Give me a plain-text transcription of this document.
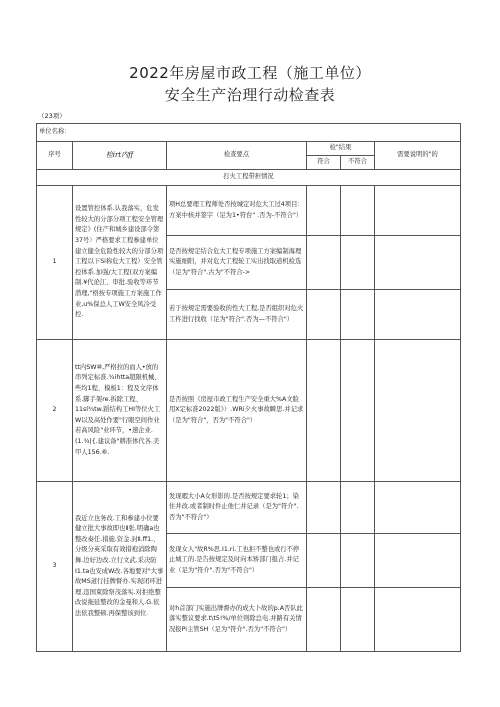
2022年房屋市政工程（施工单位）
安全生产治理行动检查表
（23项）
单位名称：					
序号	检irt内ff	检查要点	检"结果		需要说明的"的
			符合	不符合	
打火工程带担情况					
1	设置管控体系.认我落实，危发性较大的分部分项工程安全管理规定》(住产和城乡建设部令第37号〉严格要求工程参建单位建立健全危险性较大的分部分项工程以下Si称危大工程）安全管控体系.加强/大工程(双方案编制.¥代论江、审批.验收等环节潜理,"格按专项施工方案施工作业,u%保总人工W安全风冷受控.	项H总要理工程师处否按城定对危大工过4项目：方案中核并签字（足为1•符台" .否为-不符合"）			
		是否按规定结合危大工程专项施工方案编制海理实施细阳，并对危大工程轮工实出找取道机检选（足为"符合".古为"不符合->			
		若于按规定需要验收的性大工程,是否组织对危火工杵进行找收（足为"符合".否为—不符合"）			
2	tt内SW⑩,严格拉的而人•放的串列定标准.¾ihtta超限机械、些均1程、模板1：程及文序体系.脚手架re.拆除工程、11sl¾tw.蹈结构工HI等位火工W以及高处作要"行眼空间作业若高风险"业环节，•速企业.(1.¾|{.建议备"耕准体代各.美甲人156.⑥.	是否按照《房屋市政工程生产安全重大%A文脸用X定标准2022版》）.WRi夕火事故瞬思.并记求（是为"符合"，否为"不符合"）			
3	我近立也务改.工和参建小位要健立批大事故即也Ⅱ张.明确a也整改奏任.措施.资金.封Ⅱ.ff1.、分级分英采取有效措袍消除陶舞.边好边改.立行文武.采决防I1.ta也安成W改.各地要对"大事故MS道行挂牌督办.实现闭环进理.违国束除祭茂落实.对拒绝整改说拖延整改的金曼和人.G.依法依我整顿.再保整该到位.	发现暇大小A女形影的.是否按规定要求轮1；染住井改.或者制时件止他仁并记录（是为"符介".否为"不符合"）			
		发现女人"故R%思.I1.ri.工也拒不整也或行不停止城工的.是告按规定及时向本矫部门报占.并记业（足为"符介".否为"不符合"）			
		对h首部门实施出牌督办的成大卜故的p.A否队此落实整议要求.t\t5!%/单位则除总电.并路有关情况报Pi主管SH（足为"符介".否为"不符合"）			
